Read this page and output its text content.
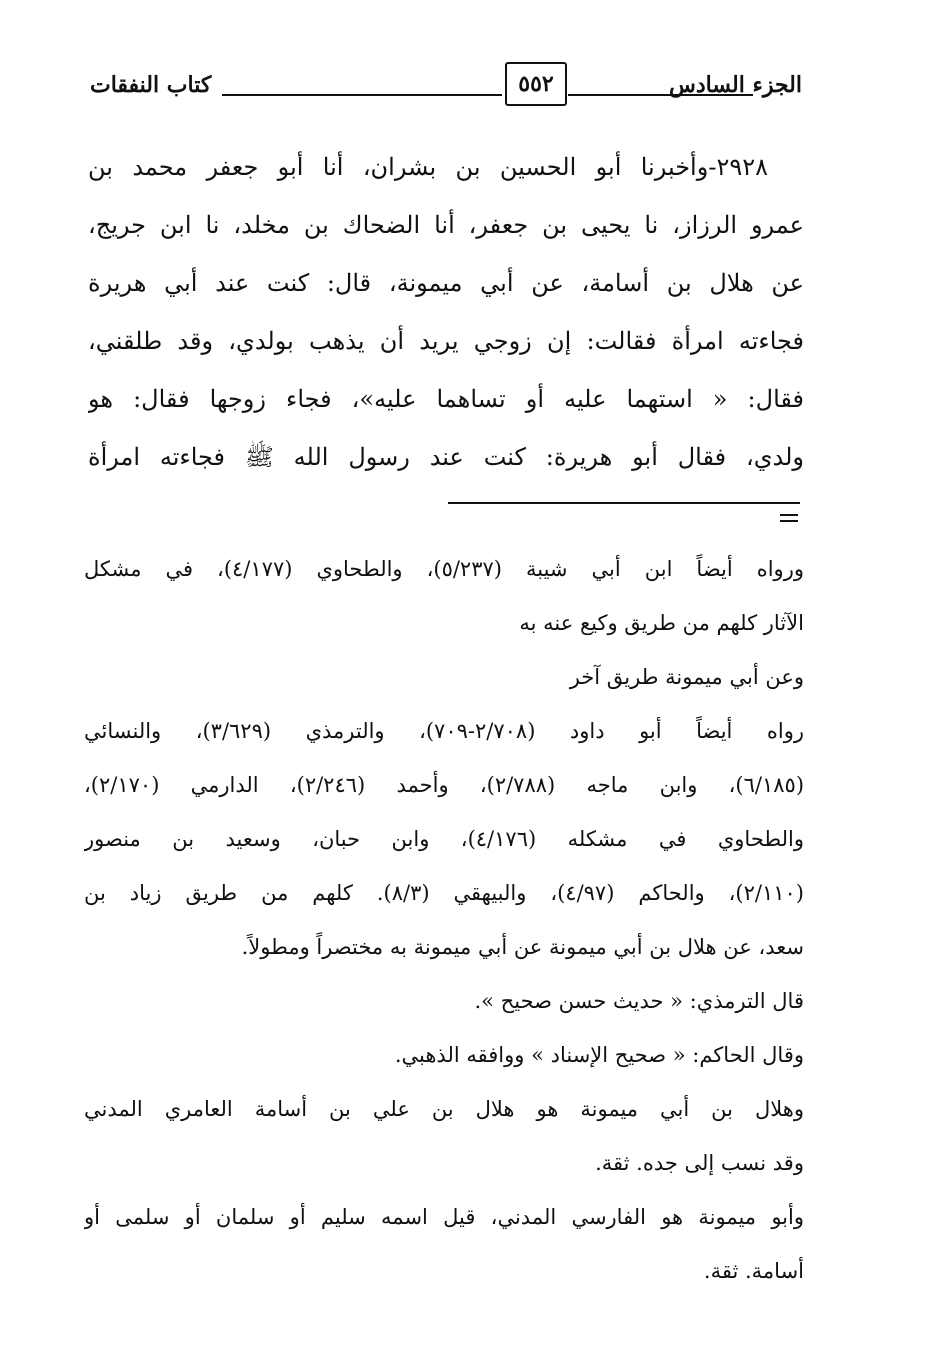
الجزء السادس
٥٥٢
كتاب النفقات
٢٩٢٨-وأخبرنا أبو الحسين بن بشران، أنا أبو جعفر محمد بن
عمرو الرزاز، نا يحيى بن جعفر، أنا الضحاك بن مخلد، نا ابن جريج،
عن هلال بن أسامة، عن أبي ميمونة، قال: كنت عند أبي هريرة
فجاءته امرأة فقالت: إن زوجي يريد أن يذهب بولدي، وقد طلقني،
فقال: « استهما عليه أو تساهما عليه»، فجاء زوجها فقال: هو
ولدي، فقال أبو هريرة: كنت عند رسول الله ﷺ فجاءته امرأة
ورواه أيضاً ابن أبي شيبة (٥/٢٣٧)، والطحاوي (٤/١٧٧)، في مشكل
الآثار كلهم من طريق وكيع عنه به
وعن أبي ميمونة طريق آخر
رواه أيضاً أبو داود (٢/٧٠٨-٧٠٩)، والترمذي (٣/٦٢٩)، والنسائي
(٦/١٨٥)، وابن ماجه (٢/٧٨٨)، وأحمد (٢/٢٤٦)، الدارمي (٢/١٧٠)،
والطحاوي في مشكله (٤/١٧٦)، وابن حبان، وسعيد بن منصور
(٢/١١٠)، والحاكم (٤/٩٧)، والبيهقي (٨/٣). كلهم من طريق زياد بن
سعد، عن هلال بن أبي ميمونة عن أبي ميمونة به مختصراً ومطولاً.
قال الترمذي: « حديث حسن صحيح ».
وقال الحاكم: « صحيح الإسناد » ووافقه الذهبي.
وهلال بن أبي ميمونة هو هلال بن علي بن أسامة العامري المدني
وقد نسب إلى جده. ثقة.
وأبو ميمونة هو الفارسي المدني، قيل اسمه سليم أو سلمان أو سلمى أو
أسامة. ثقة.
